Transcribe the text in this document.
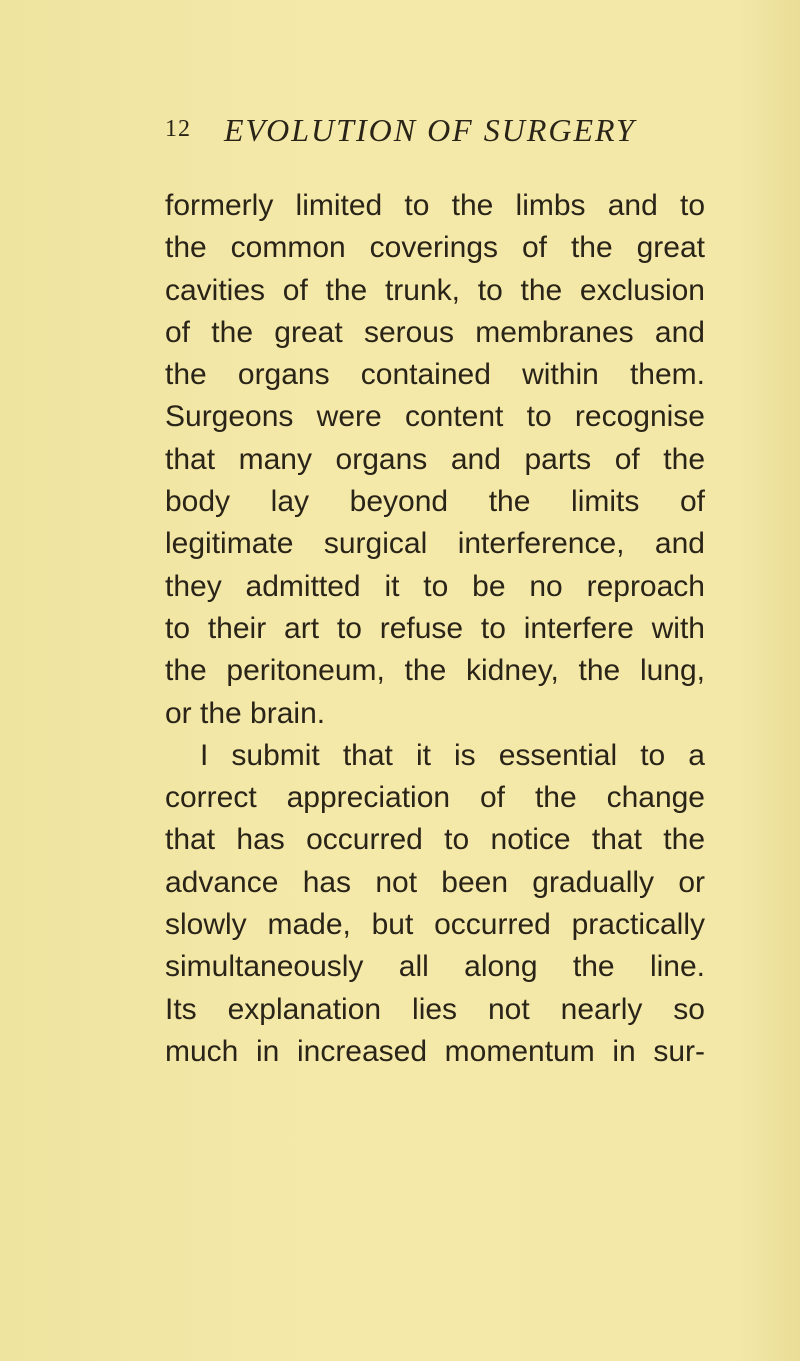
12 EVOLUTION OF SURGERY
formerly limited to the limbs and to
the common coverings of the great
cavities of the trunk, to the exclusion
of the great serous membranes and
the organs contained within them.
Surgeons were content to recognise
that many organs and parts of the
body lay beyond the limits of
legitimate surgical interference, and
they admitted it to be no reproach
to their art to refuse to interfere with
the peritoneum, the kidney, the lung,
or the brain.
I submit that it is essential to a
correct appreciation of the change
that has occurred to notice that the
advance has not been gradually or
slowly made, but occurred practically
simultaneously all along the line.
Its explanation lies not nearly so
much in increased momentum in sur-
